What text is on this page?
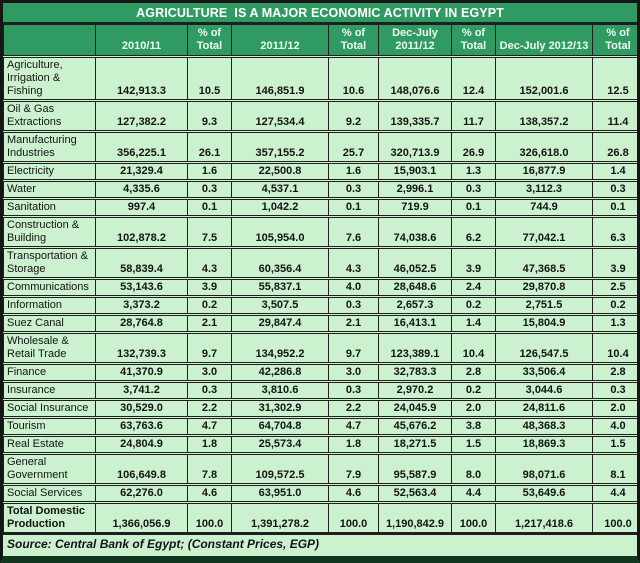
AGRICULTURE  IS A MAJOR ECONOMIC ACTIVITY IN EGYPT
	2010/11	% of Total	2011/12	% of Total	Dec-July 2011/12	% of Total	Dec-July 2012/13	% of Total
Agriculture, Irrigation & Fishing	142,913.3	10.5	146,851.9	10.6	148,076.6	12.4	152,001.6	12.5
Oil & Gas Extractions	127,382.2	9.3	127,534.4	9.2	139,335.7	11.7	138,357.2	11.4
Manufacturing Industries	356,225.1	26.1	357,155.2	25.7	320,713.9	26.9	326,618.0	26.8
Electricity	21,329.4	1.6	22,500.8	1.6	15,903.1	1.3	16,877.9	1.4
Water	4,335.6	0.3	4,537.1	0.3	2,996.1	0.3	3,112.3	0.3
Sanitation	997.4	0.1	1,042.2	0.1	719.9	0.1	744.9	0.1
Construction & Building	102,878.2	7.5	105,954.0	7.6	74,038.6	6.2	77,042.1	6.3
Transportation & Storage	58,839.4	4.3	60,356.4	4.3	46,052.5	3.9	47,368.5	3.9
Communications	53,143.6	3.9	55,837.1	4.0	28,648.6	2.4	29,870.8	2.5
Information	3,373.2	0.2	3,507.5	0.3	2,657.3	0.2	2,751.5	0.2
Suez Canal	28,764.8	2.1	29,847.4	2.1	16,413.1	1.4	15,804.9	1.3
Wholesale & Retail Trade	132,739.3	9.7	134,952.2	9.7	123,389.1	10.4	126,547.5	10.4
Finance	41,370.9	3.0	42,286.8	3.0	32,783.3	2.8	33,506.4	2.8
Insurance	3,741.2	0.3	3,810.6	0.3	2,970.2	0.2	3,044.6	0.3
Social Insurance	30,529.0	2.2	31,302.9	2.2	24,045.9	2.0	24,811.6	2.0
Tourism	63,763.6	4.7	64,704.8	4.7	45,676.2	3.8	48,368.3	4.0
Real Estate	24,804.9	1.8	25,573.4	1.8	18,271.5	1.5	18,869.3	1.5
General Government	106,649.8	7.8	109,572.5	7.9	95,587.9	8.0	98,071.6	8.1
Social Services	62,276.0	4.6	63,951.0	4.6	52,563.4	4.4	53,649.6	4.4
Total Domestic Production	1,366,056.9	100.0	1,391,278.2	100.0	1,190,842.9	100.0	1,217,418.6	100.0
Source: Central Bank of Egypt; (Constant Prices, EGP)
